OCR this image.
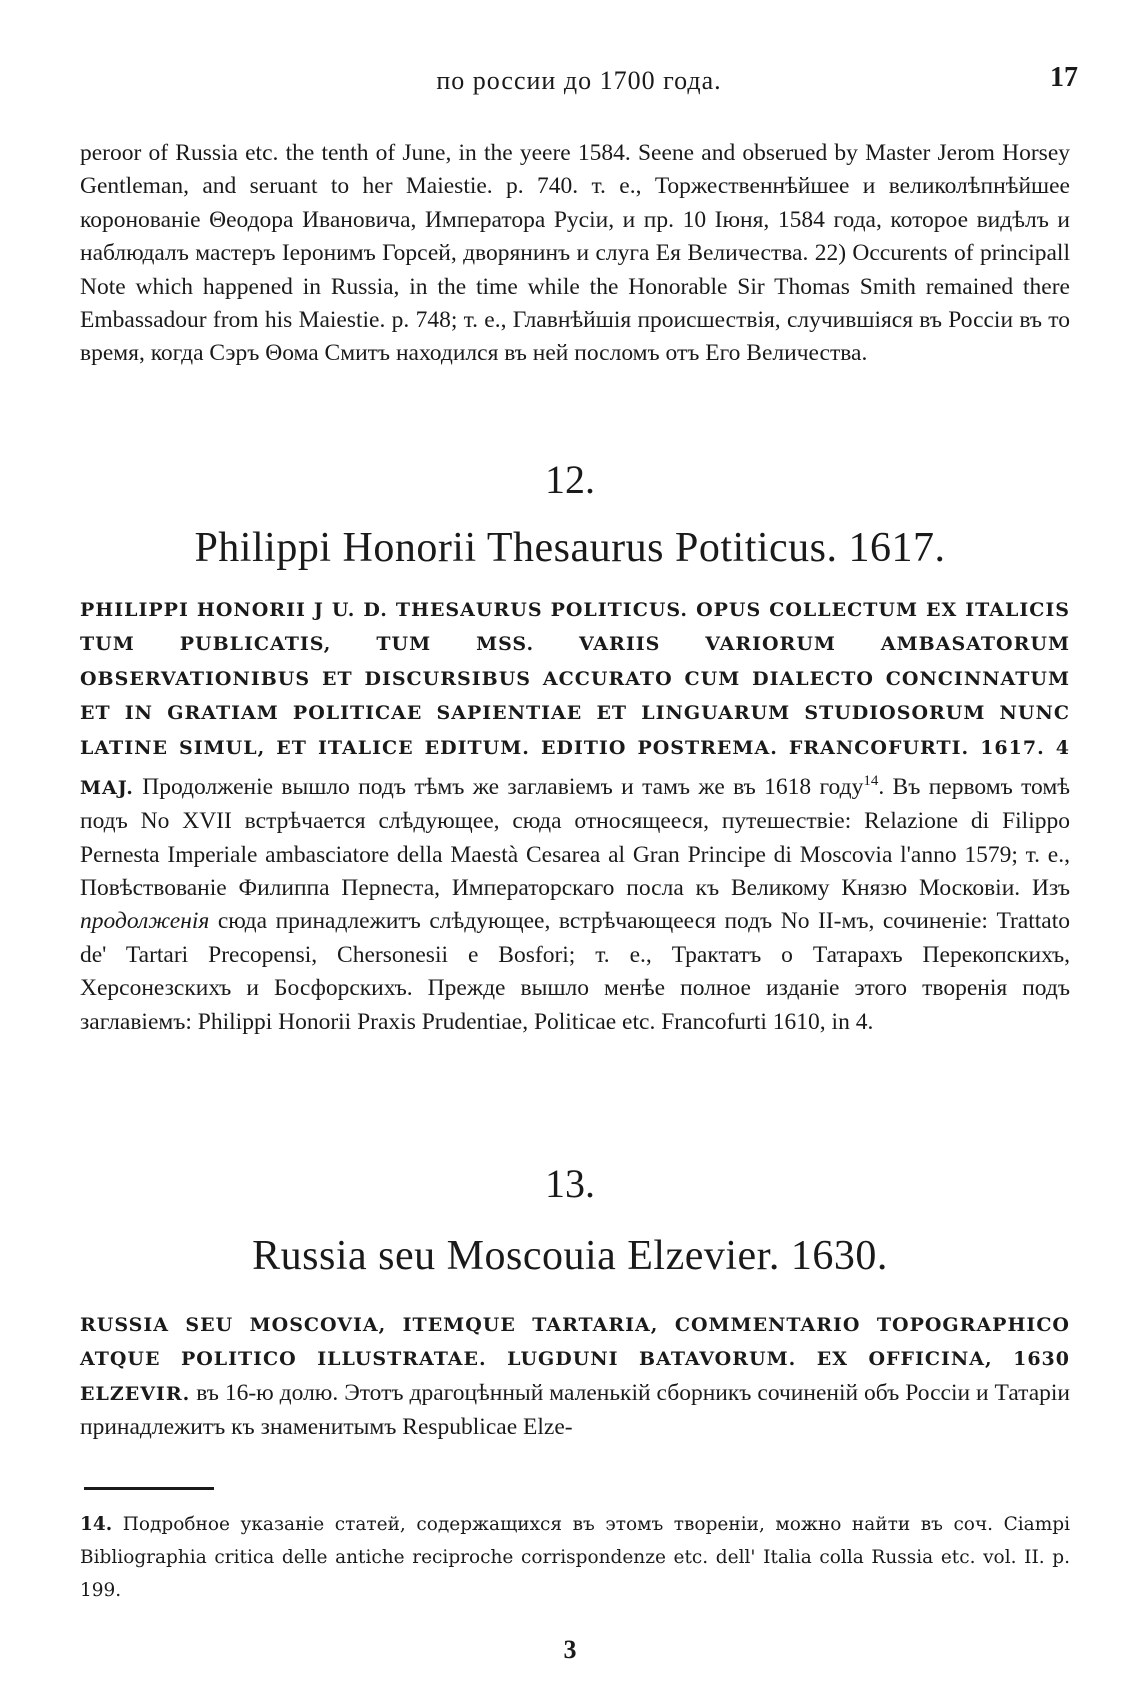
по россии до 1700 года.	17
peroor of Russia etc. the tenth of June, in the yeere 1584. Seene and obserued by Master Jerom Horsey Gentleman, and seruant to her Maiestie. p. 740. т. е., Торжественнѣйшее и великолѣпнѣйшее коронованіе Θеодора Ивановича, Императора Русіи, и пр. 10 Іюня, 1584 года, которое видѣлъ и наблюдалъ мастеръ Іеронимъ Горсей, дворянинъ и слуга Ея Величества. 22) Occurents of principall Note which happened in Russia, in the time while the Honorable Sir Thomas Smith remained there Embassadour from his Maiestie. p. 748; т. е., Главнѣйшія происшествія, случившіяся въ Россіи въ то время, когда Сэръ Θома Смитъ находился въ ней посломъ отъ Его Величества.
12.
Philippi Honorii Thesaurus Potiticus. 1617.
PHILIPPI HONORII J U. D. THESAURUS POLITICUS. OPUS COLLECTUM EX ITALICIS TUM PUBLICATIS, TUM MSS. VARIIS VARIORUM AMBASATORUM OBSERVATIONIBUS ET DISCURSIBUS ACCURATO CUM DIALECTO CONCINNATUM ET IN GRATIAM POLITICAE SAPIENTIAE ET LINGUARUM STUDIOSORUM NUNC LATINE SIMUL, ET ITALICE EDITUM. EDITIO POSTREMA. FRANCOFURTI. 1617. 4 MAJ. Продолженіе вышло подъ тѣмъ же заглавіемъ и тамъ же въ 1618 году$^{14}$. Въ первомъ томѣ подъ No XVII встрѣчается слѣдующее, сюда относящееся, путешествіе: Relazione di Filippo Pernesta Imperiale ambasciatore della Maestà Cesarea al Gran Principe di Moscovia l'anno 1579; т. е., Повѣствованіе Филиппа Перneста, Императорскаго посла къ Великому Князю Московіи. Изъ продолженія сюда принадлежитъ слѣдующее, встрѣчающееся подъ No II-мъ, сочиненіе: Trattato de' Tartari Precopensi, Chersonesii e Bosfori; т. е., Трактатъ о Татарахъ Перекопскихъ, Херсонезскихъ и Босфорскихъ. Прежде вышло менѣе полное изданіе этого творенія подъ заглавіемъ: Philippi Honorii Praxis Prudentiae, Politicae etc. Francofurti 1610, in 4.
13.
Russia seu Moscouia Elzevier. 1630.
RUSSIA SEU MOSCOVIA, ITEMQUE TARTARIA, COMMENTARIO TOPOGRAPHICO ATQUE POLITICO ILLUSTRATAE. LUGDUNI BATAVORUM. EX OFFICINA, 1630 ELZEVIR. въ 16-ю долю. Этотъ драгоцѣнный маленькій сборникъ сочиненій объ Россіи и Татаріи принадлежитъ къ знаменитымъ Respublicae Elze-
14. Подробное указаніе статей, содержащихся въ этомъ твореніи, можно найти въ соч. Ciampi Bibliographia critica delle antiche reciproche corrispondenze etc. dell' Italia colla Russia etc. vol. II. p. 199.
3
